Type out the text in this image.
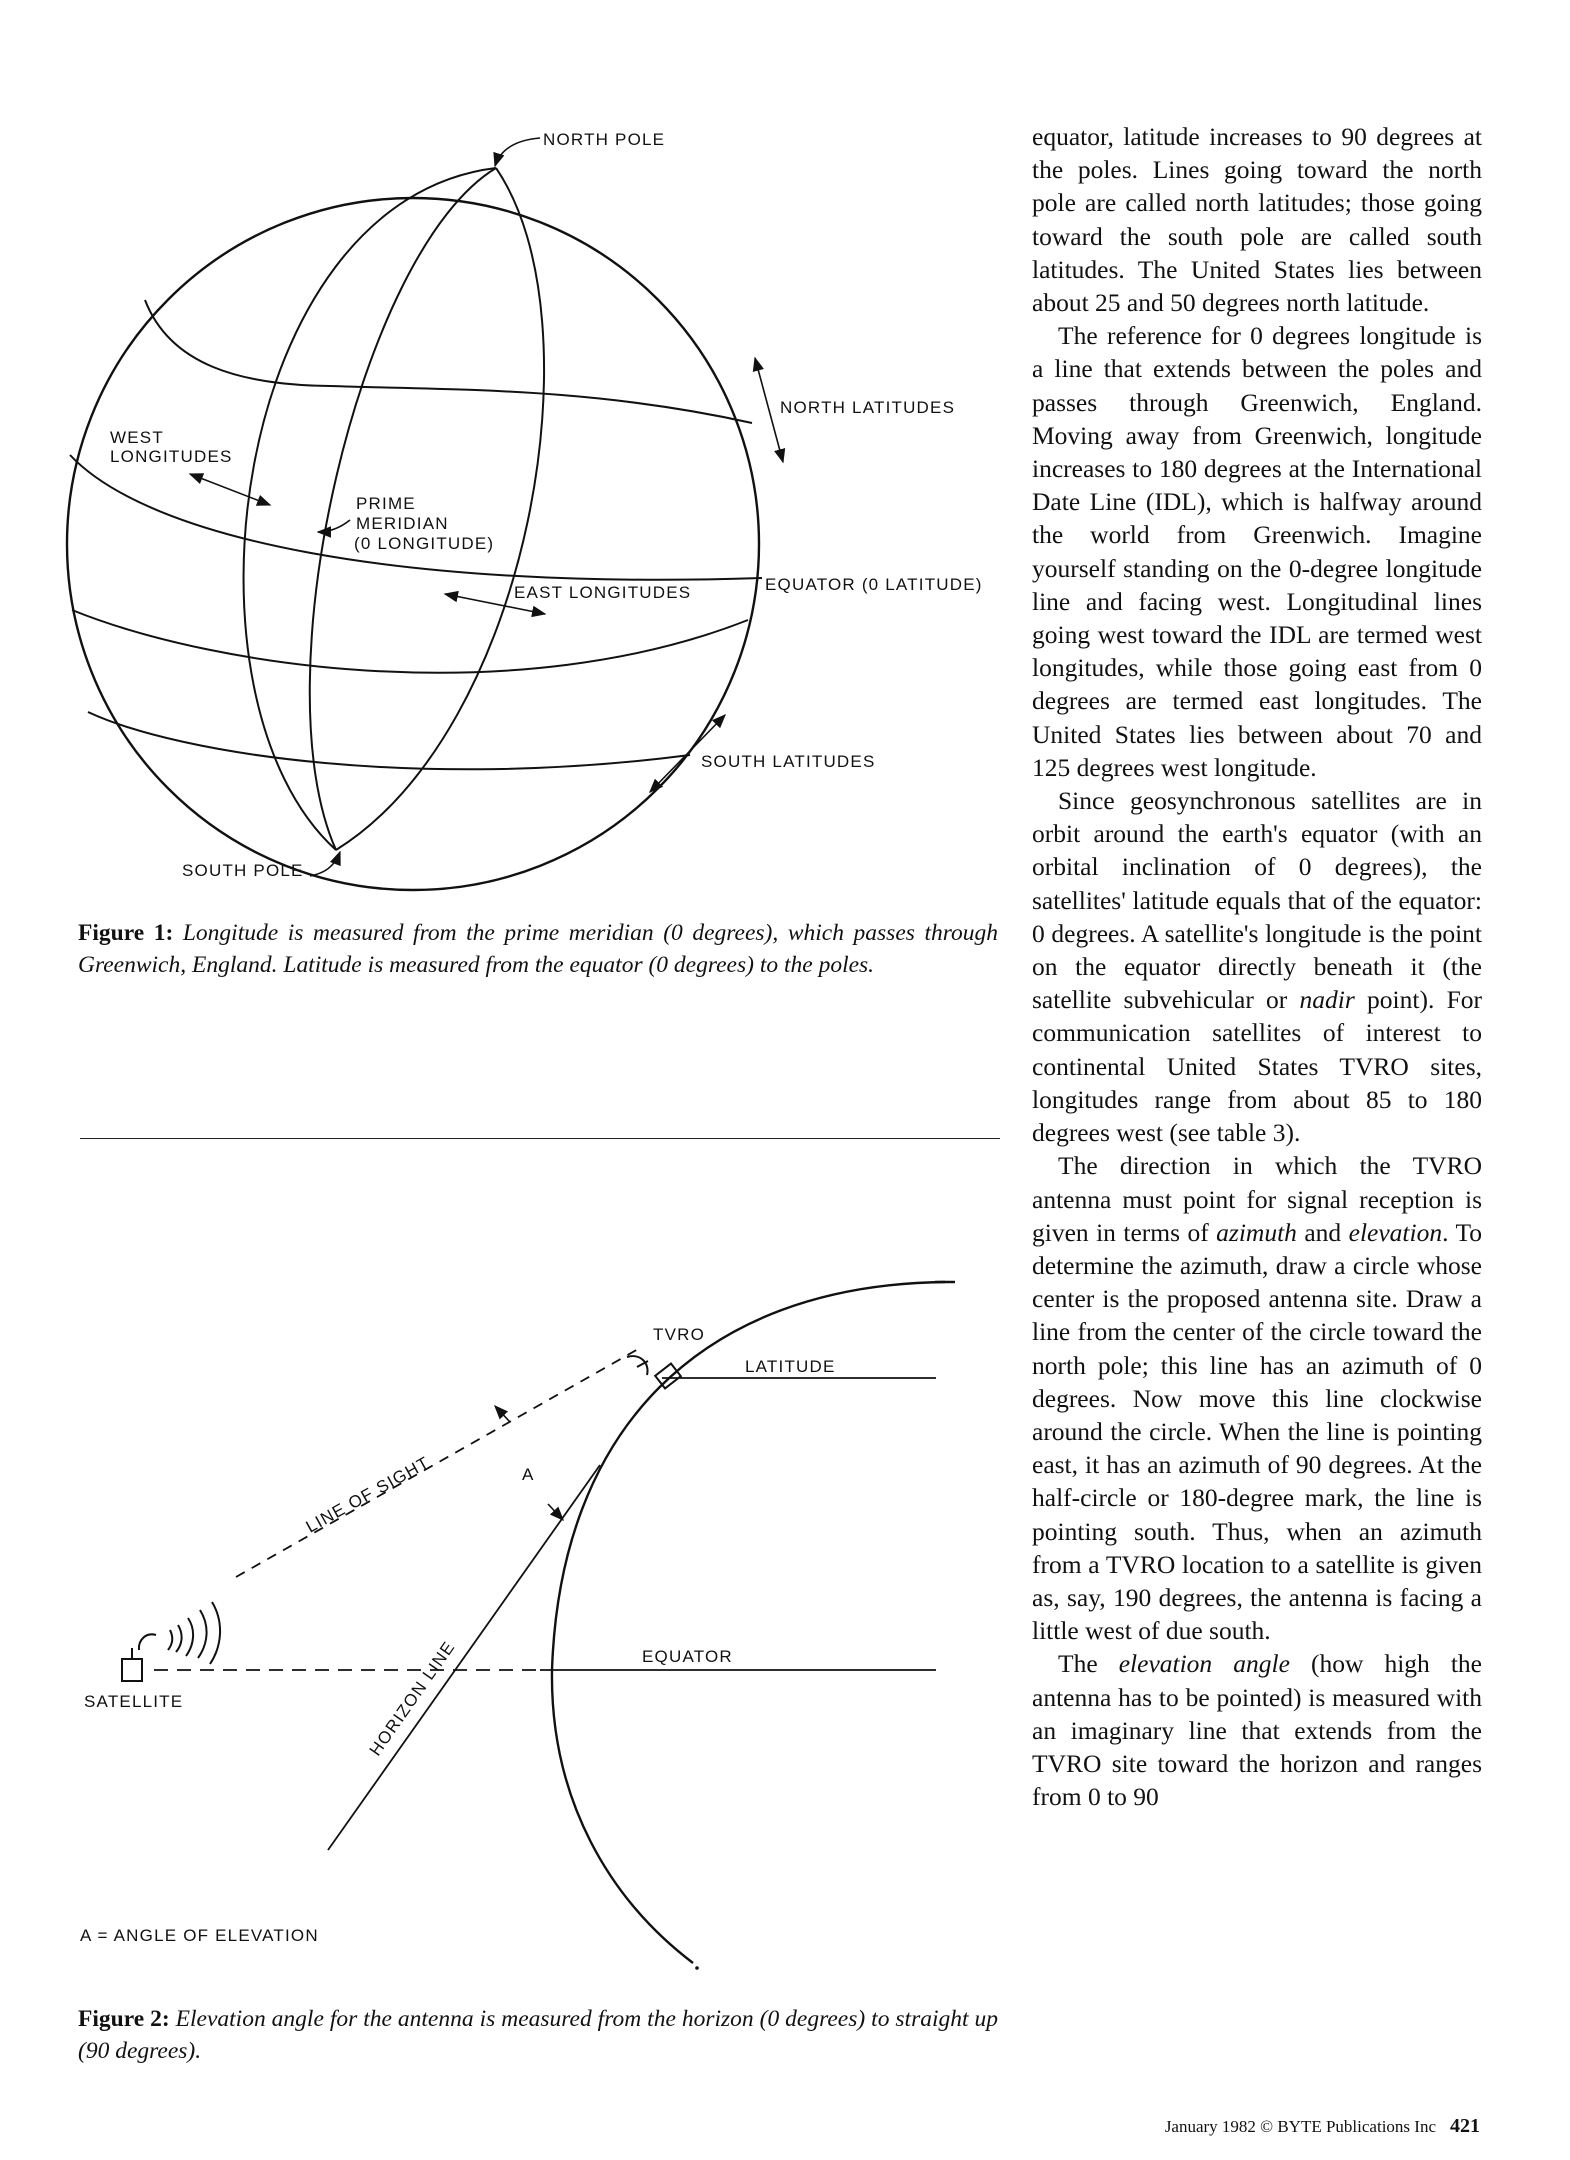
NORTH POLE
SOUTH POLE
WEST
LONGITUDES
PRIME
MERIDIAN
(0 LONGITUDE)
EAST LONGITUDES
NORTH LATITUDES
EQUATOR (0 LATITUDE)
SOUTH LATITUDES
Figure 1: Longitude is measured from the prime meridian (0 degrees), which passes through Greenwich, England. Latitude is measured from the equator (0 degrees) to the poles.
TVRO
LATITUDE
LINE OF SIGHT	A
HORIZON LINE	EQUATOR
SATELLITE
A = ANGLE OF ELEVATION
Figure 2: Elevation angle for the antenna is measured from the horizon (0 degrees) to straight up (90 degrees).

equator, latitude increases to 90 degrees at the poles. Lines going toward the north pole are called north latitudes; those going toward the south pole are called south latitudes. The United States lies between about 25 and 50 degrees north latitude.

The reference for 0 degrees longitude is a line that extends between the poles and passes through Greenwich, England. Moving away from Greenwich, longitude increases to 180 degrees at the International Date Line (IDL), which is halfway around the world from Greenwich. Imagine yourself standing on the 0-degree longitude line and facing west. Longitudinal lines going west toward the IDL are termed west longitudes, while those going east from 0 degrees are termed east longitudes. The United States lies between about 70 and 125 degrees west longitude.

Since geosynchronous satellites are in orbit around the earth's equator (with an orbital inclination of 0 degrees), the satellites' latitude equals that of the equator: 0 degrees. A satellite's longitude is the point on the equator directly beneath it (the satellite subvehicular or nadir point). For communication satellites of interest to continental United States TVRO sites, longitudes range from about 85 to 180 degrees west (see table 3).

The direction in which the TVRO antenna must point for signal reception is given in terms of azimuth and elevation. To determine the azimuth, draw a circle whose center is the proposed antenna site. Draw a line from the center of the circle toward the north pole; this line has an azimuth of 0 degrees. Now move this line clockwise around the circle. When the line is pointing east, it has an azimuth of 90 degrees. At the half-circle or 180-degree mark, the line is pointing south. Thus, when an azimuth from a TVRO location to a satellite is given as, say, 190 degrees, the antenna is facing a little west of due south.

The elevation angle (how high the antenna has to be pointed) is measured with an imaginary line that extends from the TVRO site toward the horizon and ranges from 0 to 90

January 1982 © BYTE Publications Inc 421
